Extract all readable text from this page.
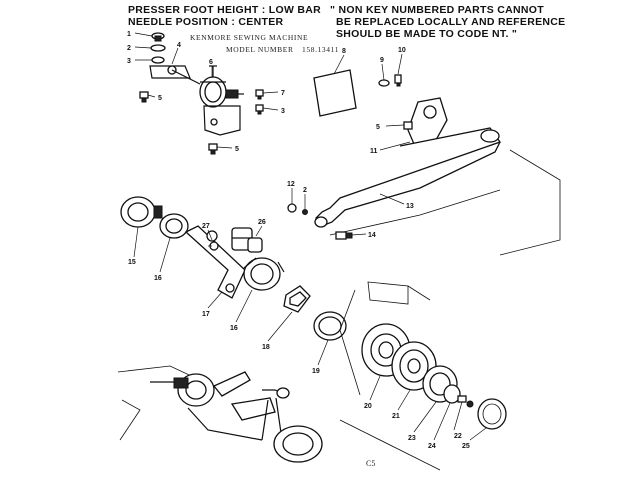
PRESSER FOOT HEIGHT : LOW BAR
NEEDLE POSITION : CENTER
KENMORE SEWING MACHINE
MODEL NUMBER 158.13411
" NON KEY NUMBERED PARTS CANNOT
BE REPLACED LOCALLY AND REFERENCE
SHOULD BE MADE TO CODE NT. "
1
2
3
4
5
6
7
3
5
8
9
10
5
11
12
2
13
14
15
16
17
16
18
19
20
21
22
23
24	25
26
27
C5
